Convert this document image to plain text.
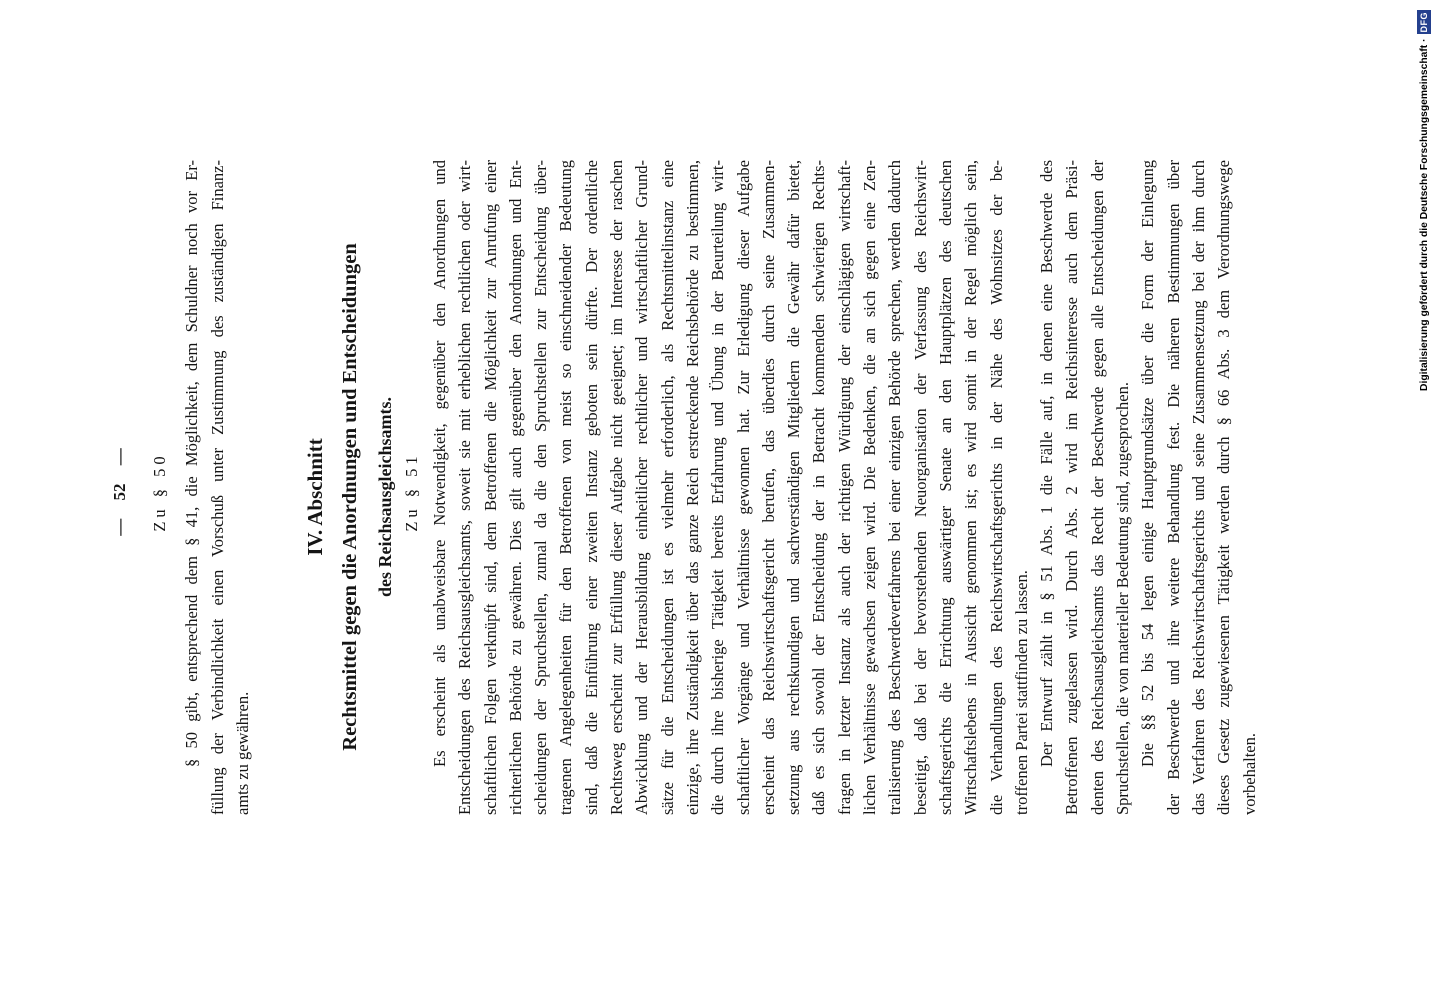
— 52 — Zu § 50 § 50 gibt, entsprechend dem § 41, die Möglichkeit, dem Schuldner noch vor Er- füllung der Verbindlichkeit einen Vorschuß unter Zustimmung des zuständigen Finanz- amts zu gewähren.
IV. Abschnitt Rechtsmittel gegen die Anordnungen und Entscheidungen des Reichsausgleichsamts. Zu § 51 Es erscheint als unabweisbare Notwendigkeit, gegenüber den Anordnungen und Entscheidungen des Reichsausgleichsamts, soweit sie mit erheblichen rechtlichen oder wirt- schaftlichen Folgen verknüpft sind, dem Betroffenen die Möglichkeit zur Anrufung einer richterlichen Behörde zu gewähren. Dies gilt auch gegenüber den Anordnungen und Ent- scheidungen der Spruchstellen, zumal da die den Spruchstellen zur Entscheidung über- tragenen Angelegenheiten für den Betroffenen von meist so einschneidender Bedeutung sind, daß die Einführung einer zweiten Instanz geboten sein dürfte. Der ordentliche Rechtsweg erscheint zur Erfüllung dieser Aufgabe nicht geeignet; im Interesse der raschen Abwicklung und der Herausbildung einheitlicher rechtlicher und wirtschaftlicher Grund- sätze für die Entscheidungen ist es vielmehr erforderlich, als Rechtsmittelinstanz eine einzige, ihre Zuständigkeit über das ganze Reich erstreckende Reichsbehörde zu bestimmen, die durch ihre bisherige Tätigkeit bereits Erfahrung und Übung in der Beurteilung wirt- schaftlicher Vorgänge und Verhältnisse gewonnen hat. Zur Erledigung dieser Aufgabe erscheint das Reichswirtschaftsgericht berufen, das überdies durch seine Zusammen- setzung aus rechtskundigen und sachverständigen Mitgliedern die Gewähr dafür bietet, daß es sich sowohl der Entscheidung der in Betracht kommenden schwierigen Rechts- fragen in letzter Instanz als auch der richtigen Würdigung der einschlägigen wirtschaft- lichen Verhältnisse gewachsen zeigen wird. Die Bedenken, die an sich gegen eine Zen- tralisierung des Beschwerdeverfahrens bei einer einzigen Behörde sprechen, werden dadurch beseitigt, daß bei der bevorstehenden Neuorganisation der Verfassung des Reichswirt- schaftsgerichts die Errichtung auswärtiger Senate an den Hauptplätzen des deutschen Wirtschaftslebens in Aussicht genommen ist; es wird somit in der Regel möglich sein, die Verhandlungen des Reichswirtschaftsgerichts in der Nähe des Wohnsitzes der be- troffenen Partei stattfinden zu lassen. Der Entwurf zählt in § 51 Abs. 1 die Fälle auf, in denen eine Beschwerde des Betroffenen zugelassen wird. Durch Abs. 2 wird im Reichsinteresse auch dem Präsi- denten des Reichsausgleichsamts das Recht der Beschwerde gegen alle Entscheidungen der Spruchstellen, die von materieller Bedeutung sind, zugesprochen. Die §§ 52 bis 54 legen einige Hauptgrundsätze über die Form der Einlegung der Beschwerde und ihre weitere Behandlung fest. Die näheren Bestimmungen über das Verfahren des Reichswirtschaftsgerichts und seine Zusammensetzung bei der ihm durch dieses Gesetz zugewiesenen Tätigkeit werden durch § 66 Abs. 3 dem Verordnungswege vorbehalten.
Digitalisierung gefördert durch die Deutsche Forschungsgemeinschaft ·
DFG
